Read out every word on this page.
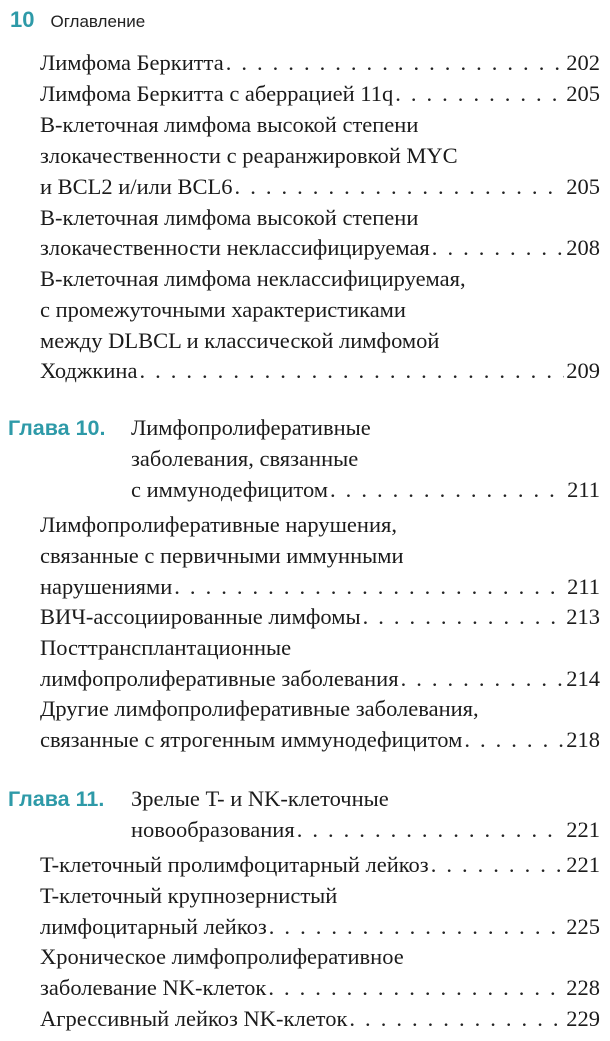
10 Оглавление
Лимфома Беркитта . . .	202
Лимфома Беркитта с аберрацией 11q . . .	205
B-клеточная лимфома высокой степени
злокачественности с реаранжировкой MYC
и BCL2 и/или BCL6 . . .	205
B-клеточная лимфома высокой степени
злокачественности неклассифицируемая . . .	208
B-клеточная лимфома неклассифицируемая,
с промежуточными характеристиками
между DLBCL и классической лимфомой
Ходжкина . . .	209
Глава 10. Лимфопролиферативные
заболевания, связанные
с иммунодефицитом . . .	211
Лимфопролиферативные нарушения,
связанные с первичными иммунными
нарушениями . . .	211
ВИЧ-ассоциированные лимфомы . . .	213
Посттрансплантационные
лимфопролиферативные заболевания . . .	214
Другие лимфопролиферативные заболевания,
связанные с ятрогенным иммунодефицитом . . .	218
Глава 11. Зрелые T- и NK-клеточные
новообразования . . .	221
T-клеточный пролимфоцитарный лейкоз . . .	221
T-клеточный крупнозернистый
лимфоцитарный лейкоз . . .	225
Хроническое лимфопролиферативное
заболевание NK-клеток . . .	228
Агрессивный лейкоз NK-клеток . . .	229
